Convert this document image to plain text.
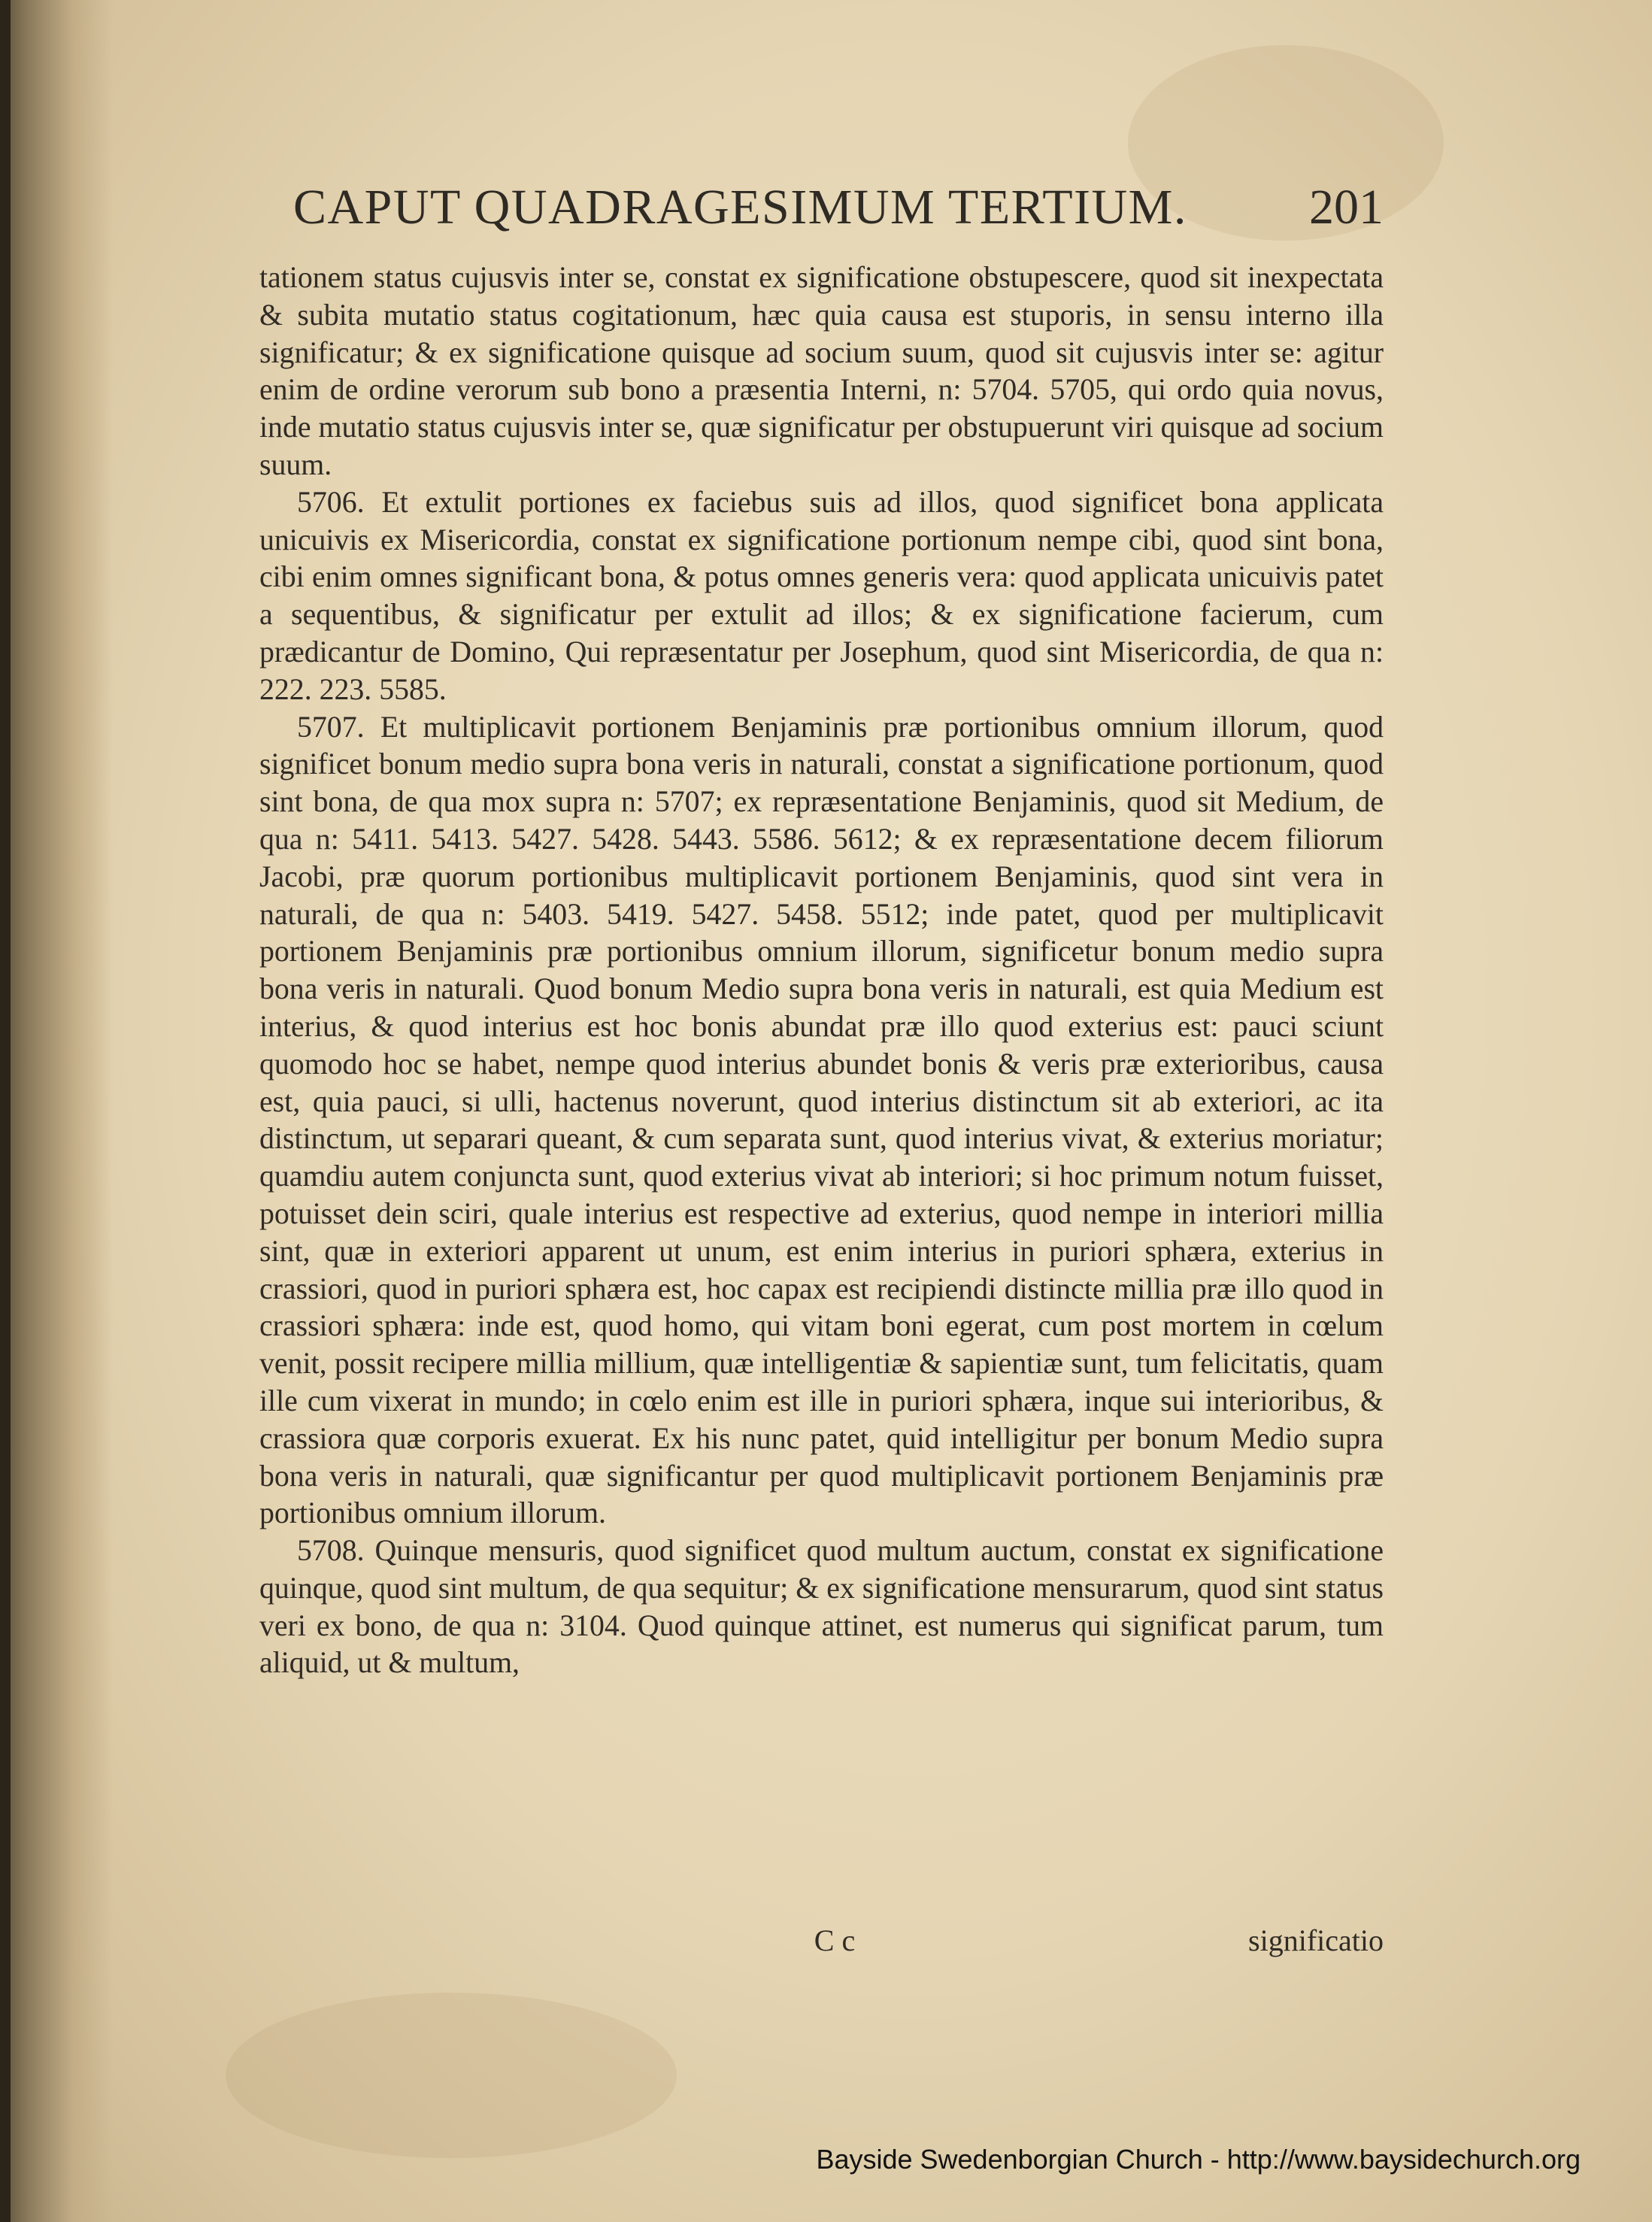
CAPUT QUADRAGESIMUM TERTIUM. 201

tationem status cujusvis inter se, constat ex significatione obstupescere, quod sit inexpectata & subita mutatio status cogitationum, hæc quia causa est stuporis, in sensu interno illa significatur; & ex significatione quisque ad socium suum, quod sit cujusvis inter se: agitur enim de ordine verorum sub bono a præsentia Interni, n: 5704. 5705, qui ordo quia novus, inde mutatio status cujusvis inter se, quæ significatur per obstupuerunt viri quisque ad socium suum.

5706. Et extulit portiones ex faciebus suis ad illos, quod significet bona applicata unicuivis ex Misericordia, constat ex significatione portionum nempe cibi, quod sint bona, cibi enim omnes significant bona, & potus omnes generis vera: quod applicata unicuivis patet a sequentibus, & significatur per extulit ad illos; & ex significatione facierum, cum prædicantur de Domino, Qui repræsentatur per Josephum, quod sint Misericordia, de qua n: 222. 223. 5585.

5707. Et multiplicavit portionem Benjaminis præ portionibus omnium illorum, quod significet bonum medio supra bona veris in naturali, constat a significatione portionum, quod sint bona, de qua mox supra n: 5707; ex repræsentatione Benjaminis, quod sit Medium, de qua n: 5411. 5413. 5427. 5428. 5443. 5586. 5612; & ex repræsentatione decem filiorum Jacobi, præ quorum portionibus multiplicavit portionem Benjaminis, quod sint vera in naturali, de qua n: 5403. 5419. 5427. 5458. 5512; inde patet, quod per multiplicavit portionem Benjaminis præ portionibus omnium illorum, significetur bonum medio supra bona veris in naturali. Quod bonum Medio supra bona veris in naturali, est quia Medium est interius, & quod interius est hoc bonis abundat præ illo quod exterius est: pauci sciunt quomodo hoc se habet, nempe quod interius abundet bonis & veris præ exterioribus, causa est, quia pauci, si ulli, hactenus noverunt, quod interius distinctum sit ab exteriori, ac ita distinctum, ut separari queant, & cum separata sunt, quod interius vivat, & exterius moriatur; quamdiu autem conjuncta sunt, quod exterius vivat ab interiori; si hoc primum notum fuisset, potuisset dein sciri, quale interius est respective ad exterius, quod nempe in interiori millia sint, quæ in exteriori apparent ut unum, est enim interius in puriori sphæra, exterius in crassiori, quod in puriori sphæra est, hoc capax est recipiendi distincte millia præ illo quod in crassiori sphæra: inde est, quod homo, qui vitam boni egerat, cum post mortem in cœlum venit, possit recipere millia millium, quæ intelligentiæ & sapientiæ sunt, tum felicitatis, quam ille cum vixerat in mundo; in cœlo enim est ille in puriori sphæra, inque sui interioribus, & crassiora quæ corporis exuerat. Ex his nunc patet, quid intelligitur per bonum Medio supra bona veris in naturali, quæ significantur per quod multiplicavit portionem Benjaminis præ portionibus omnium illorum.

5708. Quinque mensuris, quod significet quod multum auctum, constat ex significatione quinque, quod sint multum, de qua sequitur; & ex significatione mensurarum, quod sint status veri ex bono, de qua n: 3104. Quod quinque attinet, est numerus qui significat parum, tum aliquid, ut & multum,

C c	significatio
Bayside Swedenborgian Church - http://www.baysidechurch.org
